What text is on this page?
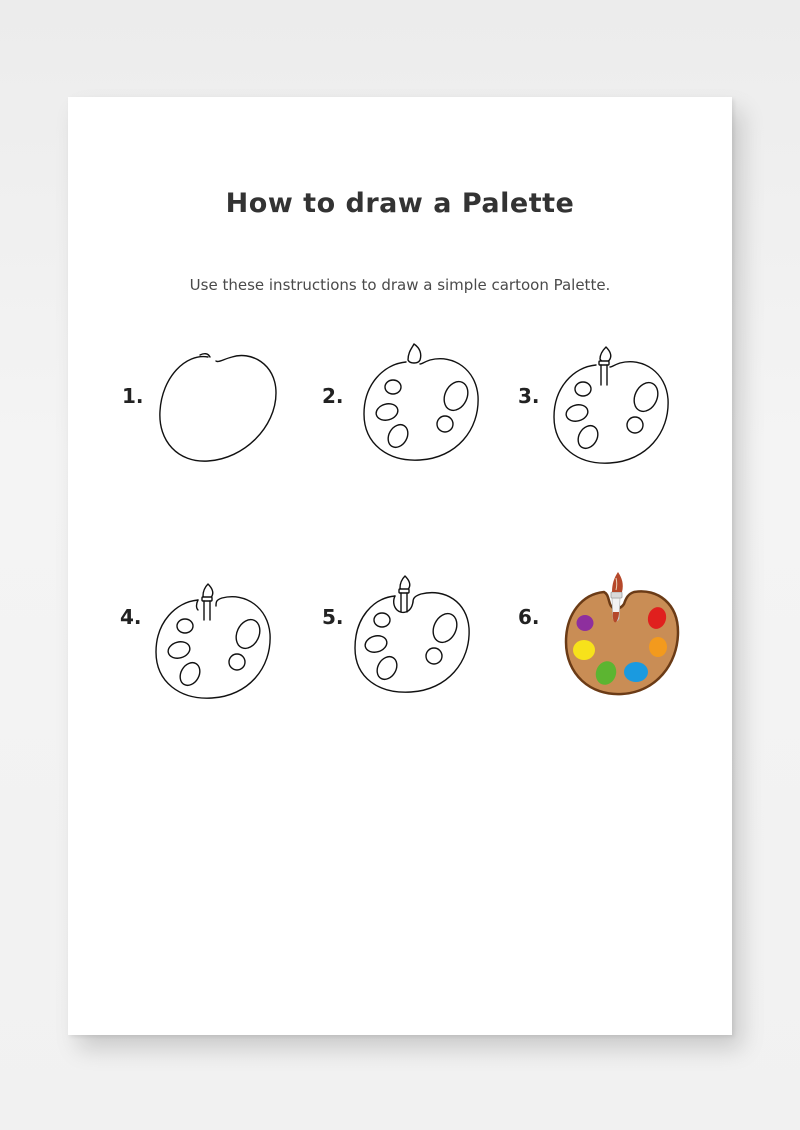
How to draw a Palette

Use these instructions to draw a simple cartoon Palette.

1.	2.	3.
4.	5.	6.
